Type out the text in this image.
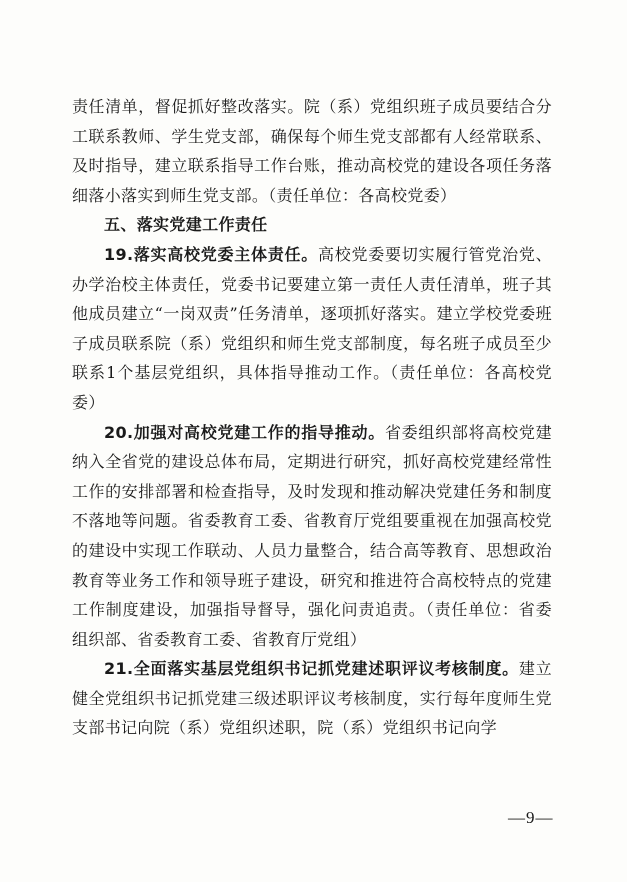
责任清单，督促抓好整改落实。院（系）党组织班子成员要结合分工联系教师、学生党支部，确保每个师生党支部都有人经常联系、及时指导，建立联系指导工作台账，推动高校党的建设各项任务落细落小落实到师生党支部。（责任单位：各高校党委）

五、落实党建工作责任

19.落实高校党委主体责任。高校党委要切实履行管党治党、办学治校主体责任，党委书记要建立第一责任人责任清单，班子其他成员建立“一岗双责”任务清单，逐项抓好落实。建立学校党委班子成员联系院（系）党组织和师生党支部制度，每名班子成员至少联系1个基层党组织，具体指导推动工作。（责任单位：各高校党委）

20.加强对高校党建工作的指导推动。省委组织部将高校党建纳入全省党的建设总体布局，定期进行研究，抓好高校党建经常性工作的安排部署和检查指导，及时发现和推动解决党建任务和制度不落地等问题。省委教育工委、省教育厅党组要重视在加强高校党的建设中实现工作联动、人员力量整合，结合高等教育、思想政治教育等业务工作和领导班子建设，研究和推进符合高校特点的党建工作制度建设，加强指导督导，强化问责追责。（责任单位：省委组织部、省委教育工委、省教育厅党组）

21.全面落实基层党组织书记抓党建述职评议考核制度。建立健全党组织书记抓党建三级述职评议考核制度，实行每年度师生党支部书记向院（系）党组织述职，院（系）党组织书记向学

—9—
